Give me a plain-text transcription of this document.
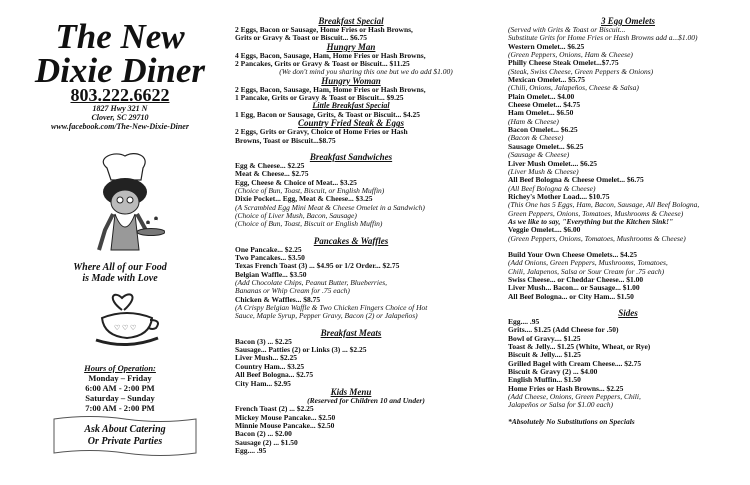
The New
Dixie Diner
803.222.6622
1827 Hwy 321 N
Clover, SC 29710
www.facebook.com/The-New-Dixie-Diner
Where All of our Food
is Made with Love
♡ ♡ ♡
Hours of Operation:
Monday – Friday
6:00 AM - 2:00 PM
Saturday – Sunday
7:00 AM - 2:00 PM
Ask About Catering
Or Private Parties
Breakfast Special
2 Eggs, Bacon or Sausage, Home Fries or Hash Browns,
Grits or Gravy & Toast or Biscuit... $6.75
Hungry Man
4 Eggs, Bacon, Sausage, Ham, Home Fries or Hash Browns,
2 Pancakes, Grits or Gravy & Toast or Biscuit... $11.25
(We don't mind you sharing this one but we do add $1.00)
Hungry Woman
2 Eggs, Bacon, Sausage, Ham, Home Fries or Hash Browns,
1 Pancake, Grits or Gravy & Toast or Biscuit... $9.25
Little Breakfast Special
1 Egg, Bacon or Sausage, Grits, & Toast or Biscuit... $4.25
Country Fried Steak & Eggs
2 Eggs, Grits or Gravy, Choice of Home Fries or Hash
Browns, Toast or Biscuit...$8.75
Breakfast Sandwiches
Egg & Cheese... $2.25
Meat & Cheese... $2.75
Egg, Cheese & Choice of Meat... $3.25
(Choice of Bun, Toast, Biscuit, or English Muffin)
Dixie Pocket... Egg, Meat & Cheese... $3.25
(A Scrambled Egg Mini Meat & Cheese Omelet in a Sandwich)
(Choice of Liver Mush, Bacon, Sausage)
(Choice of Bun, Toast, Biscuit or English Muffin)
Pancakes & Waffles
One Pancake... $2.25
Two Pancakes... $3.50
Texas French Toast (3) ... $4.95 or 1/2 Order... $2.75
Belgian Waffle... $3.50
(Add Chocolate Chips, Peanut Butter, Blueberries,
Bananas or Whip Cream for .75 each)
Chicken & Waffles... $8.75
(A Crispy Belgian Waffle & Two Chicken Fingers Choice of Hot
Sauce, Maple Syrup, Pepper Gravy, Bacon (2) or Jalapeños)
Breakfast Meats
Bacon (3) ... $2.25
Sausage... Patties (2) or Links (3) ... $2.25
Liver Mush... $2.25
Country Ham... $3.25
All Beef Bologna... $2.75
City Ham... $2.95
Kids Menu
(Reserved for Children 10 and Under)
French Toast (2) ... $2.25
Mickey Mouse Pancake... $2.50
Minnie Mouse Pancake... $2.50
Bacon (2) ... $2.00
Sausage (2) ... $1.50
Egg.... .95
3 Egg Omelets
(Served with Grits & Toast or Biscuit...
Substitute Grits for Home Fries or Hash Browns add a...$1.00)
Western Omelet... $6.25
(Green Peppers, Onions, Ham & Cheese)
Philly Cheese Steak Omelet...$7.75
(Steak, Swiss Cheese, Green Peppers & Onions)
Mexican Omelet... $5.75
(Chili, Onions, Jalapeños, Cheese & Salsa)
Plain Omelet... $4.00
Cheese Omelet... $4.75
Ham Omelet... $6.50
(Ham & Cheese)
Bacon Omelet... $6.25
(Bacon & Cheese)
Sausage Omelet... $6.25
(Sausage & Cheese)
Liver Mush Omelet.... $6.25
(Liver Mush & Cheese)
All Beef Bologna & Cheese Omelet... $6.75
(All Beef Bologna & Cheese)
Richey's Mother Load.... $10.75
(This One has 5 Eggs, Ham, Bacon, Sausage, All Beef Bologna,
Green Peppers, Onions, Tomatoes, Mushrooms & Cheese)
As we like to say, "Everything but the Kitchen Sink!"
Veggie Omelet.... $6.00
(Green Peppers, Onions, Tomatoes, Mushrooms & Cheese)
Build Your Own Cheese Omelets... $4.25
(Add Onions, Green Peppers, Mushrooms, Tomatoes,
Chili, Jalapenos, Salsa or Sour Cream for .75 each)
Swiss Cheese... or Cheddar Cheese... $1.00
Liver Mush... Bacon... or Sausage... $1.00
All Beef Bologna... or City Ham... $1.50
Sides
Egg.... .95
Grits.... $1.25 (Add Cheese for .50)
Bowl of Gravy.... $1.25
Toast & Jelly... $1.25 (White, Wheat, or Rye)
Biscuit & Jelly.... $1.25
Grilled Bagel with Cream Cheese.... $2.75
Biscuit & Gravy (2) ... $4.00
English Muffin... $1.50
Home Fries or Hash Browns... $2.25
(Add Cheese, Onions, Green Peppers, Chili,
Jalapeños or Salsa for $1.00 each)
*Absolutely No Substitutions on Specials
